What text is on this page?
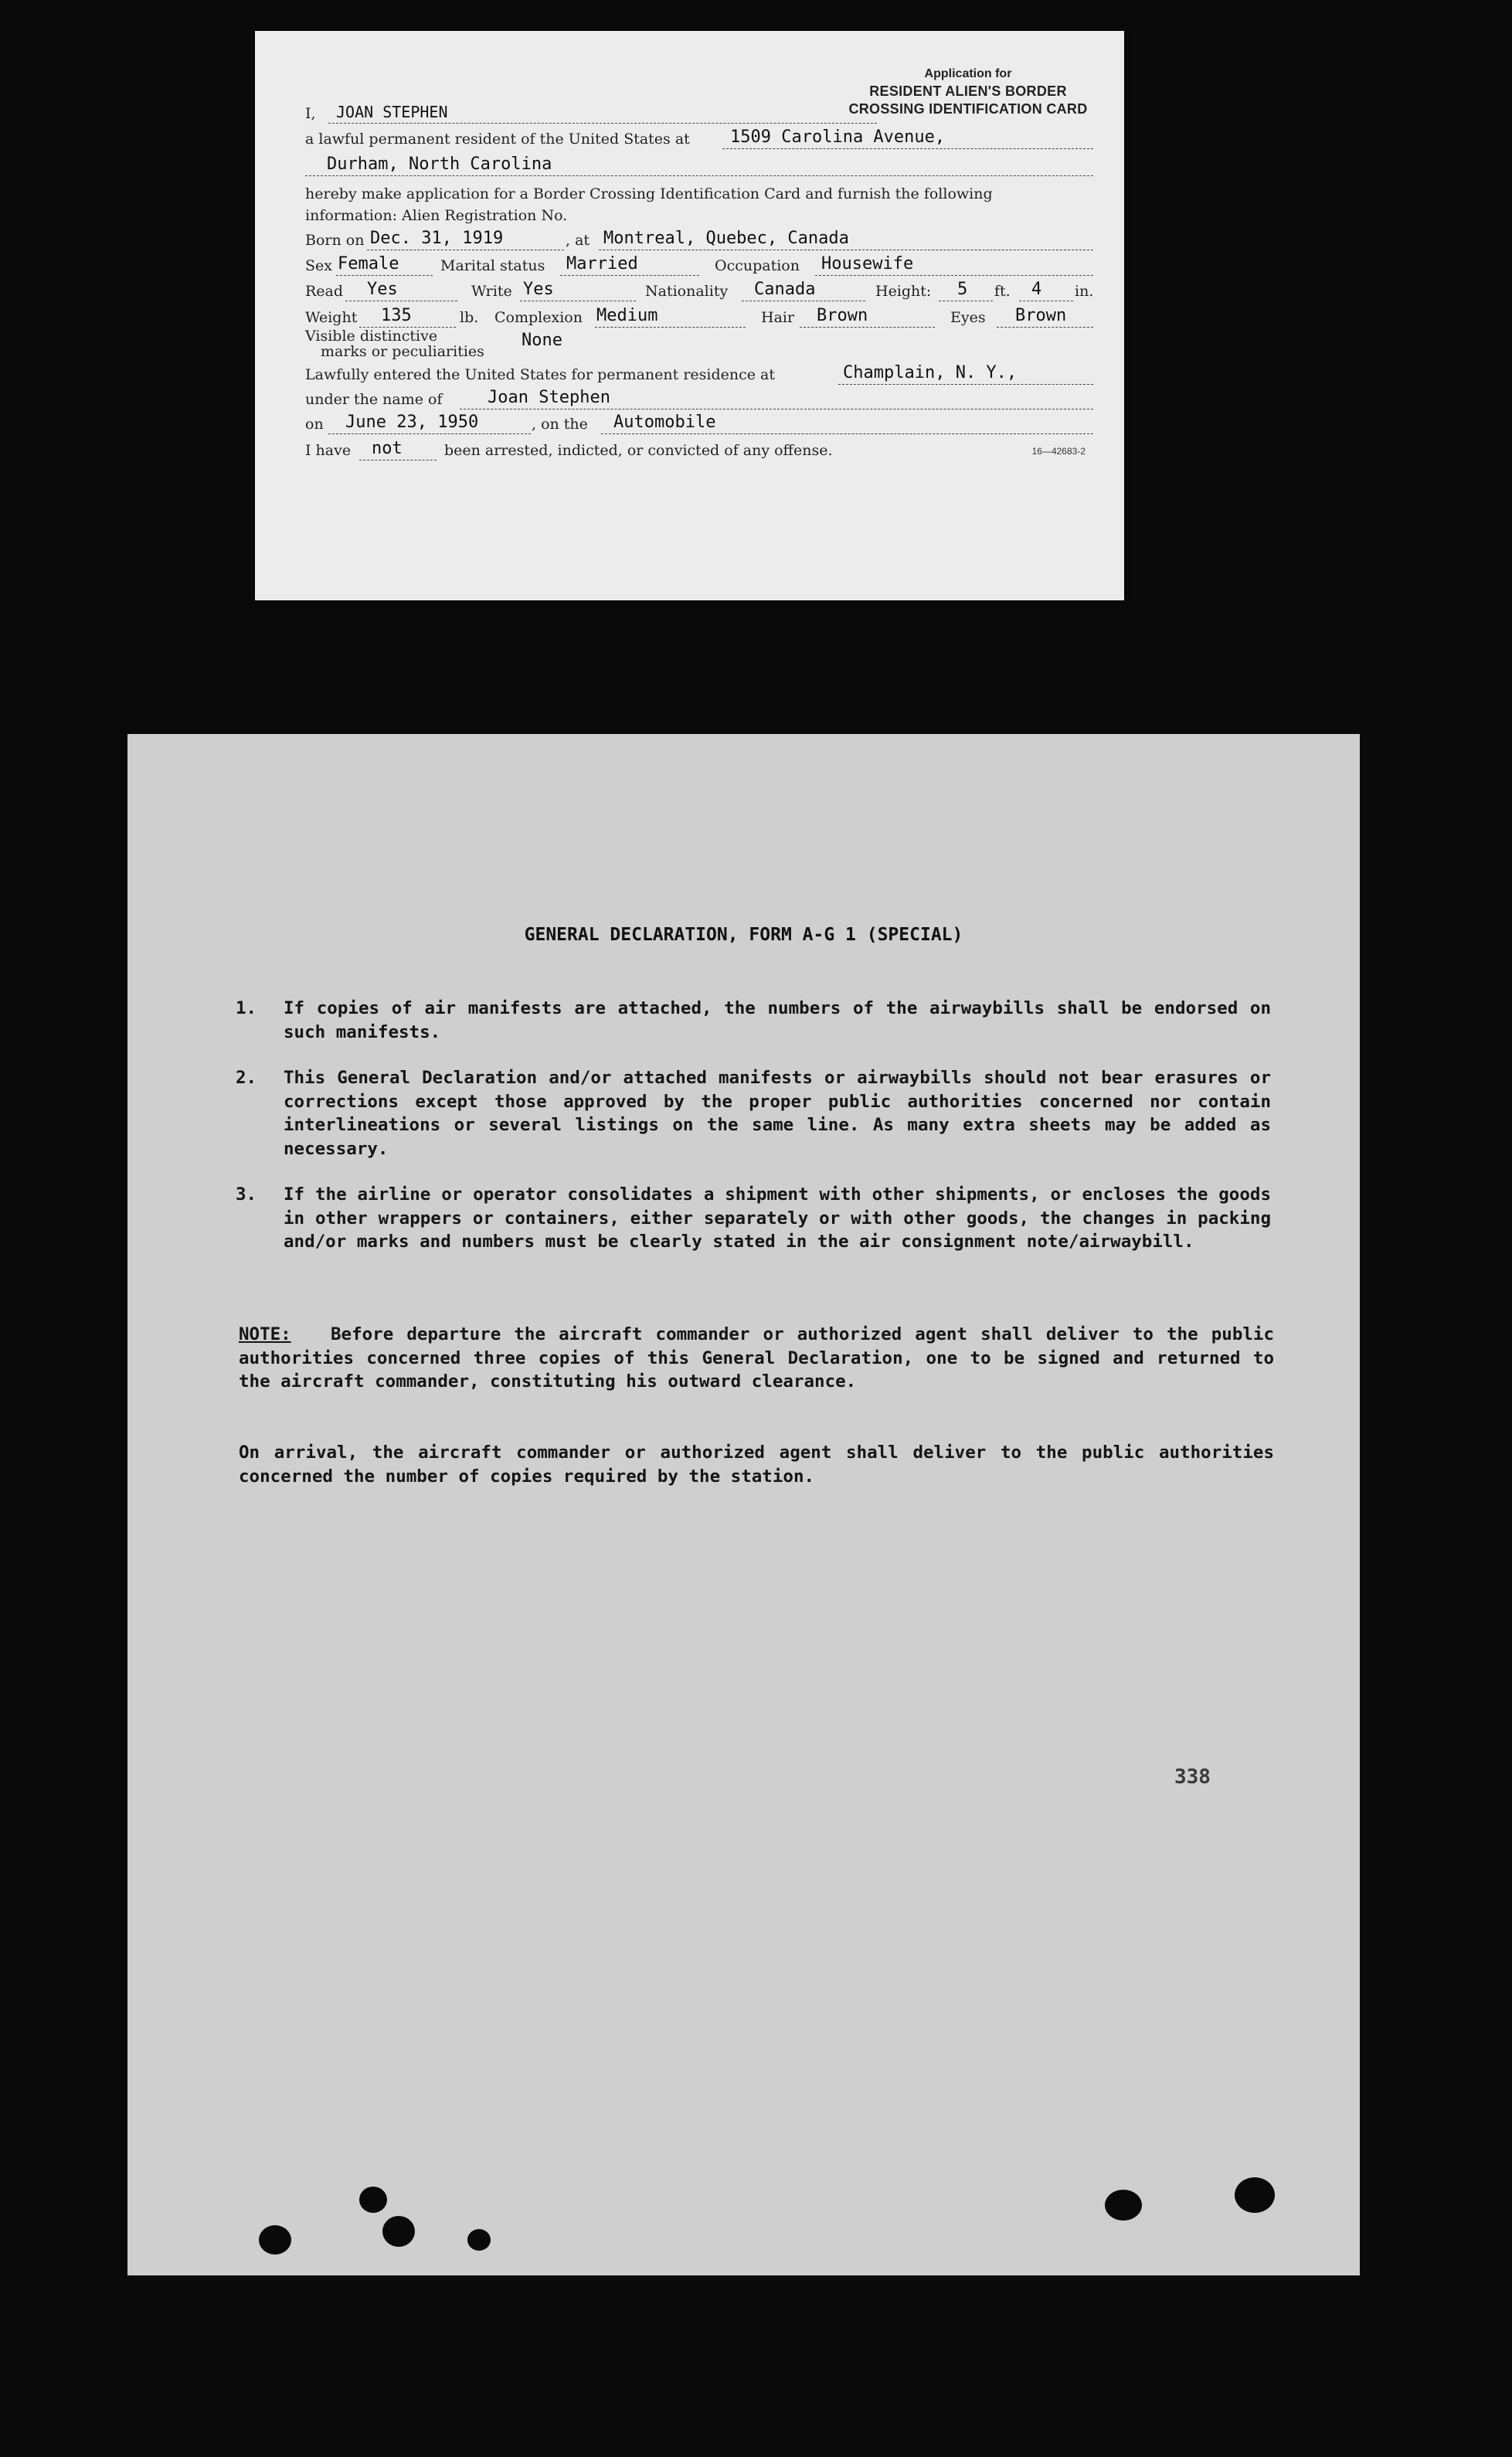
Application for
RESIDENT ALIEN'S BORDER
CROSSING IDENTIFICATION CARD
I,	JOAN STEPHEN
a lawful permanent resident of the United States at	1509 Carolina Avenue,
Durham, North Carolina
hereby make application for a Border Crossing Identification Card and furnish the following
information: Alien Registration No.
Born on Dec. 31, 1919	, at Montreal, Quebec, Canada
Sex Female	Marital status	Married	Occupation	Housewife
Read	Yes	Write Yes	Nationality	Canada	Height:	5	ft.	4	in.
Weight	135	lb. Complexion Medium	Hair	Brown	Eyes	Brown
Visible distinctive
marks or peculiarities
None
Lawfully entered the United States for permanent residence at	Champlain, N. Y.,
under the name of	Joan Stephen
on	June 23, 1950	, on the	Automobile
I have	not	been arrested, indicted, or convicted of any offense.	16—42683-2
GENERAL DECLARATION, FORM A-G 1 (SPECIAL)
1. If copies of air manifests are attached, the numbers of the airwaybills shall be endorsed on such manifests.
2. This General Declaration and/or attached manifests or airwaybills should not bear erasures or corrections except those approved by the proper public authorities concerned nor contain interlineations or several listings on the same line. As many extra sheets may be added as necessary.
3. If the airline or operator consolidates a shipment with other shipments, or encloses the goods in other wrappers or containers, either separately or with other goods, the changes in packing and/or marks and numbers must be clearly stated in the air consignment note/airwaybill.
NOTE: Before departure the aircraft commander or authorized agent shall deliver to the public authorities concerned three copies of this General Declaration, one to be signed and returned to the aircraft commander, constituting his outward clearance.
On arrival, the aircraft commander or authorized agent shall deliver to the public authorities concerned the number of copies required by the station.
338
